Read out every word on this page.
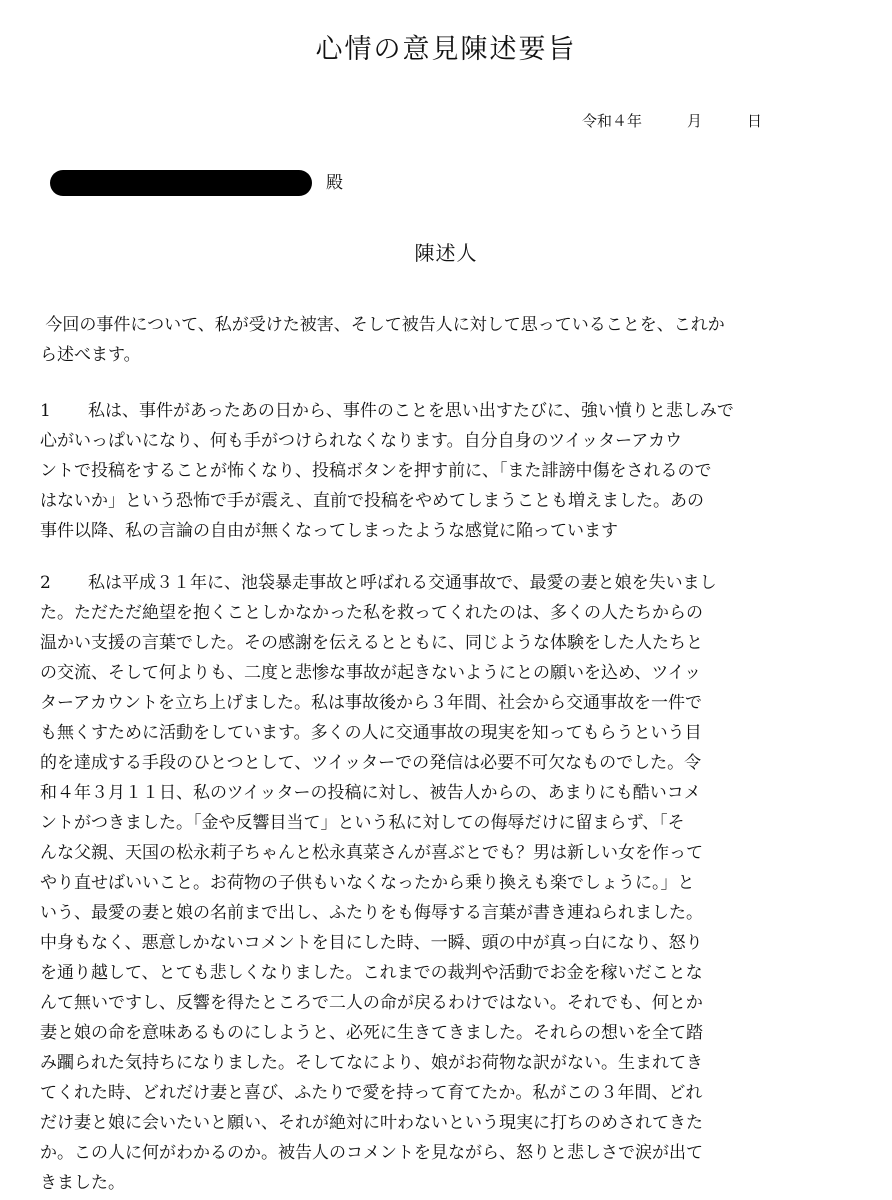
心情の意見陳述要旨
令和４年　　　月　　　日
殿
陳述人

今回の事件について、私が受けた被害、そして被告人に対して思っていることを、これか

ら述べます。

1	私は、事件があったあの日から、事件のことを思い出すたびに、強い憤りと悲しみで
心がいっぱいになり、何も手がつけられなくなります。自分自身のツイッターアカウ
ントで投稿をすることが怖くなり、投稿ボタンを押す前に、「また誹謗中傷をされるので
はないか」という恐怖で手が震え、直前で投稿をやめてしまうことも増えました。あの
事件以降、私の言論の自由が無くなってしまったような感覚に陥っています
2	私は平成３１年に、池袋暴走事故と呼ばれる交通事故で、最愛の妻と娘を失いまし
た。ただただ絶望を抱くことしかなかった私を救ってくれたのは、多くの人たちからの
温かい支援の言葉でした。その感謝を伝えるとともに、同じような体験をした人たちと
の交流、そして何よりも、二度と悲惨な事故が起きないようにとの願いを込め、ツイッ
ターアカウントを立ち上げました。私は事故後から３年間、社会から交通事故を一件で
も無くすために活動をしています。多くの人に交通事故の現実を知ってもらうという目
的を達成する手段のひとつとして、ツイッターでの発信は必要不可欠なものでした。令
和４年３月１１日、私のツイッターの投稿に対し、被告人からの、あまりにも酷いコメ
ントがつきました。「金や反響目当て」という私に対しての侮辱だけに留まらず、「そ
んな父親、天国の松永莉子ちゃんと松永真菜さんが喜ぶとでも？男は新しい女を作って
やり直せばいいこと。お荷物の子供もいなくなったから乗り換えも楽でしょうに。」と
いう、最愛の妻と娘の名前まで出し、ふたりをも侮辱する言葉が書き連ねられました。
中身もなく、悪意しかないコメントを目にした時、一瞬、頭の中が真っ白になり、怒り
を通り越して、とても悲しくなりました。これまでの裁判や活動でお金を稼いだことな
んて無いですし、反響を得たところで二人の命が戻るわけではない。それでも、何とか
妻と娘の命を意味あるものにしようと、必死に生きてきました。それらの想いを全て踏
み躙られた気持ちになりました。そしてなにより、娘がお荷物な訳がない。生まれてき
てくれた時、どれだけ妻と喜び、ふたりで愛を持って育てたか。私がこの３年間、どれ
だけ妻と娘に会いたいと願い、それが絶対に叶わないという現実に打ちのめされてきた
か。この人に何がわかるのか。被告人のコメントを見ながら、怒りと悲しさで涙が出て
きました。
